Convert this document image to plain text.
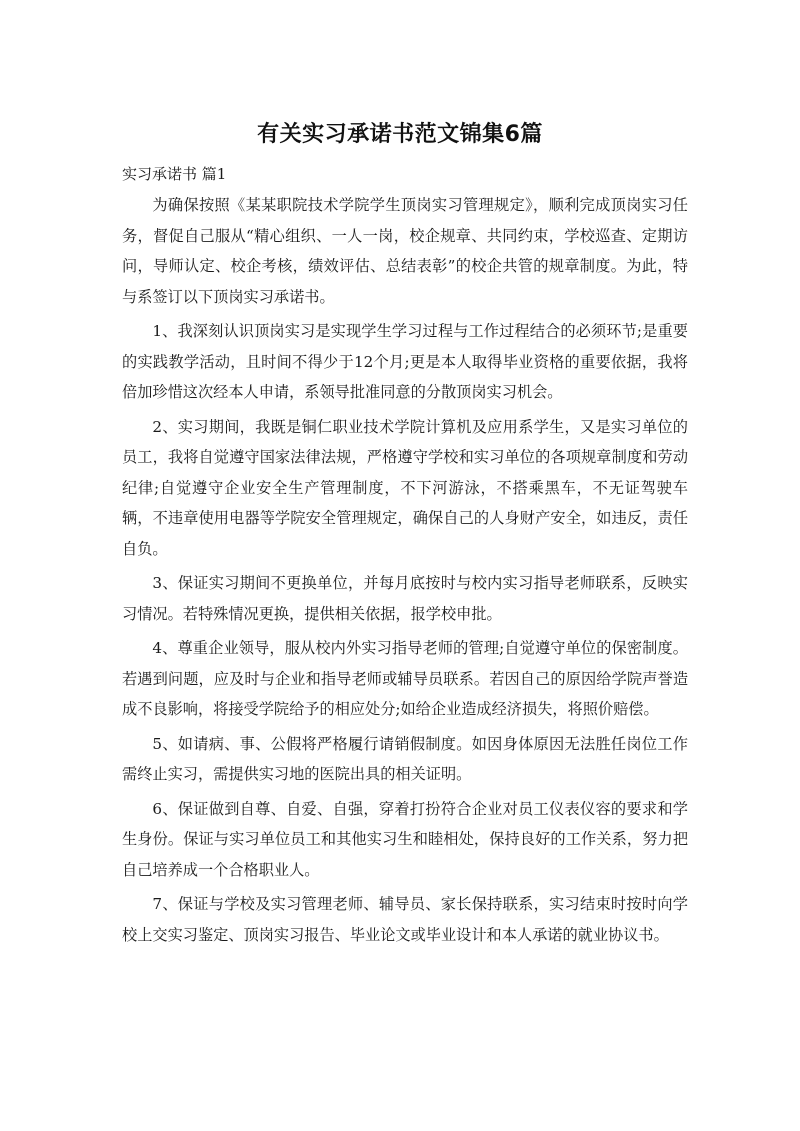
有关实习承诺书范文锦集6篇
实习承诺书 篇1

为确保按照《某某职院技术学院学生顶岗实习管理规定》，顺利完成顶岗实习任务，督促自己服从“精心组织、一人一岗，校企规章、共同约束，学校巡查、定期访问，导师认定、校企考核，绩效评估、总结表彰”的校企共管的规章制度。为此，特与系签订以下顶岗实习承诺书。

1、我深刻认识顶岗实习是实现学生学习过程与工作过程结合的必须环节;是重要的实践教学活动，且时间不得少于12个月;更是本人取得毕业资格的重要依据，我将倍加珍惜这次经本人申请，系领导批准同意的分散顶岗实习机会。

2、实习期间，我既是铜仁职业技术学院计算机及应用系学生，又是实习单位的员工，我将自觉遵守国家法律法规，严格遵守学校和实习单位的各项规章制度和劳动纪律;自觉遵守企业安全生产管理制度，不下河游泳，不搭乘黑车，不无证驾驶车辆，不违章使用电器等学院安全管理规定，确保自己的人身财产安全，如违反，责任自负。

3、保证实习期间不更换单位，并每月底按时与校内实习指导老师联系，反映实习情况。若特殊情况更换，提供相关依据，报学校申批。

4、尊重企业领导，服从校内外实习指导老师的管理;自觉遵守单位的保密制度。若遇到问题，应及时与企业和指导老师或辅导员联系。若因自己的原因给学院声誉造成不良影响，将接受学院给予的相应处分;如给企业造成经济损失，将照价赔偿。

5、如请病、事、公假将严格履行请销假制度。如因身体原因无法胜任岗位工作需终止实习，需提供实习地的医院出具的相关证明。

6、保证做到自尊、自爱、自强，穿着打扮符合企业对员工仪表仪容的要求和学生身份。保证与实习单位员工和其他实习生和睦相处，保持良好的工作关系，努力把自己培养成一个合格职业人。

7、保证与学校及实习管理老师、辅导员、家长保持联系，实习结束时按时向学校上交实习鉴定、顶岗实习报告、毕业论文或毕业设计和本人承诺的就业协议书。
